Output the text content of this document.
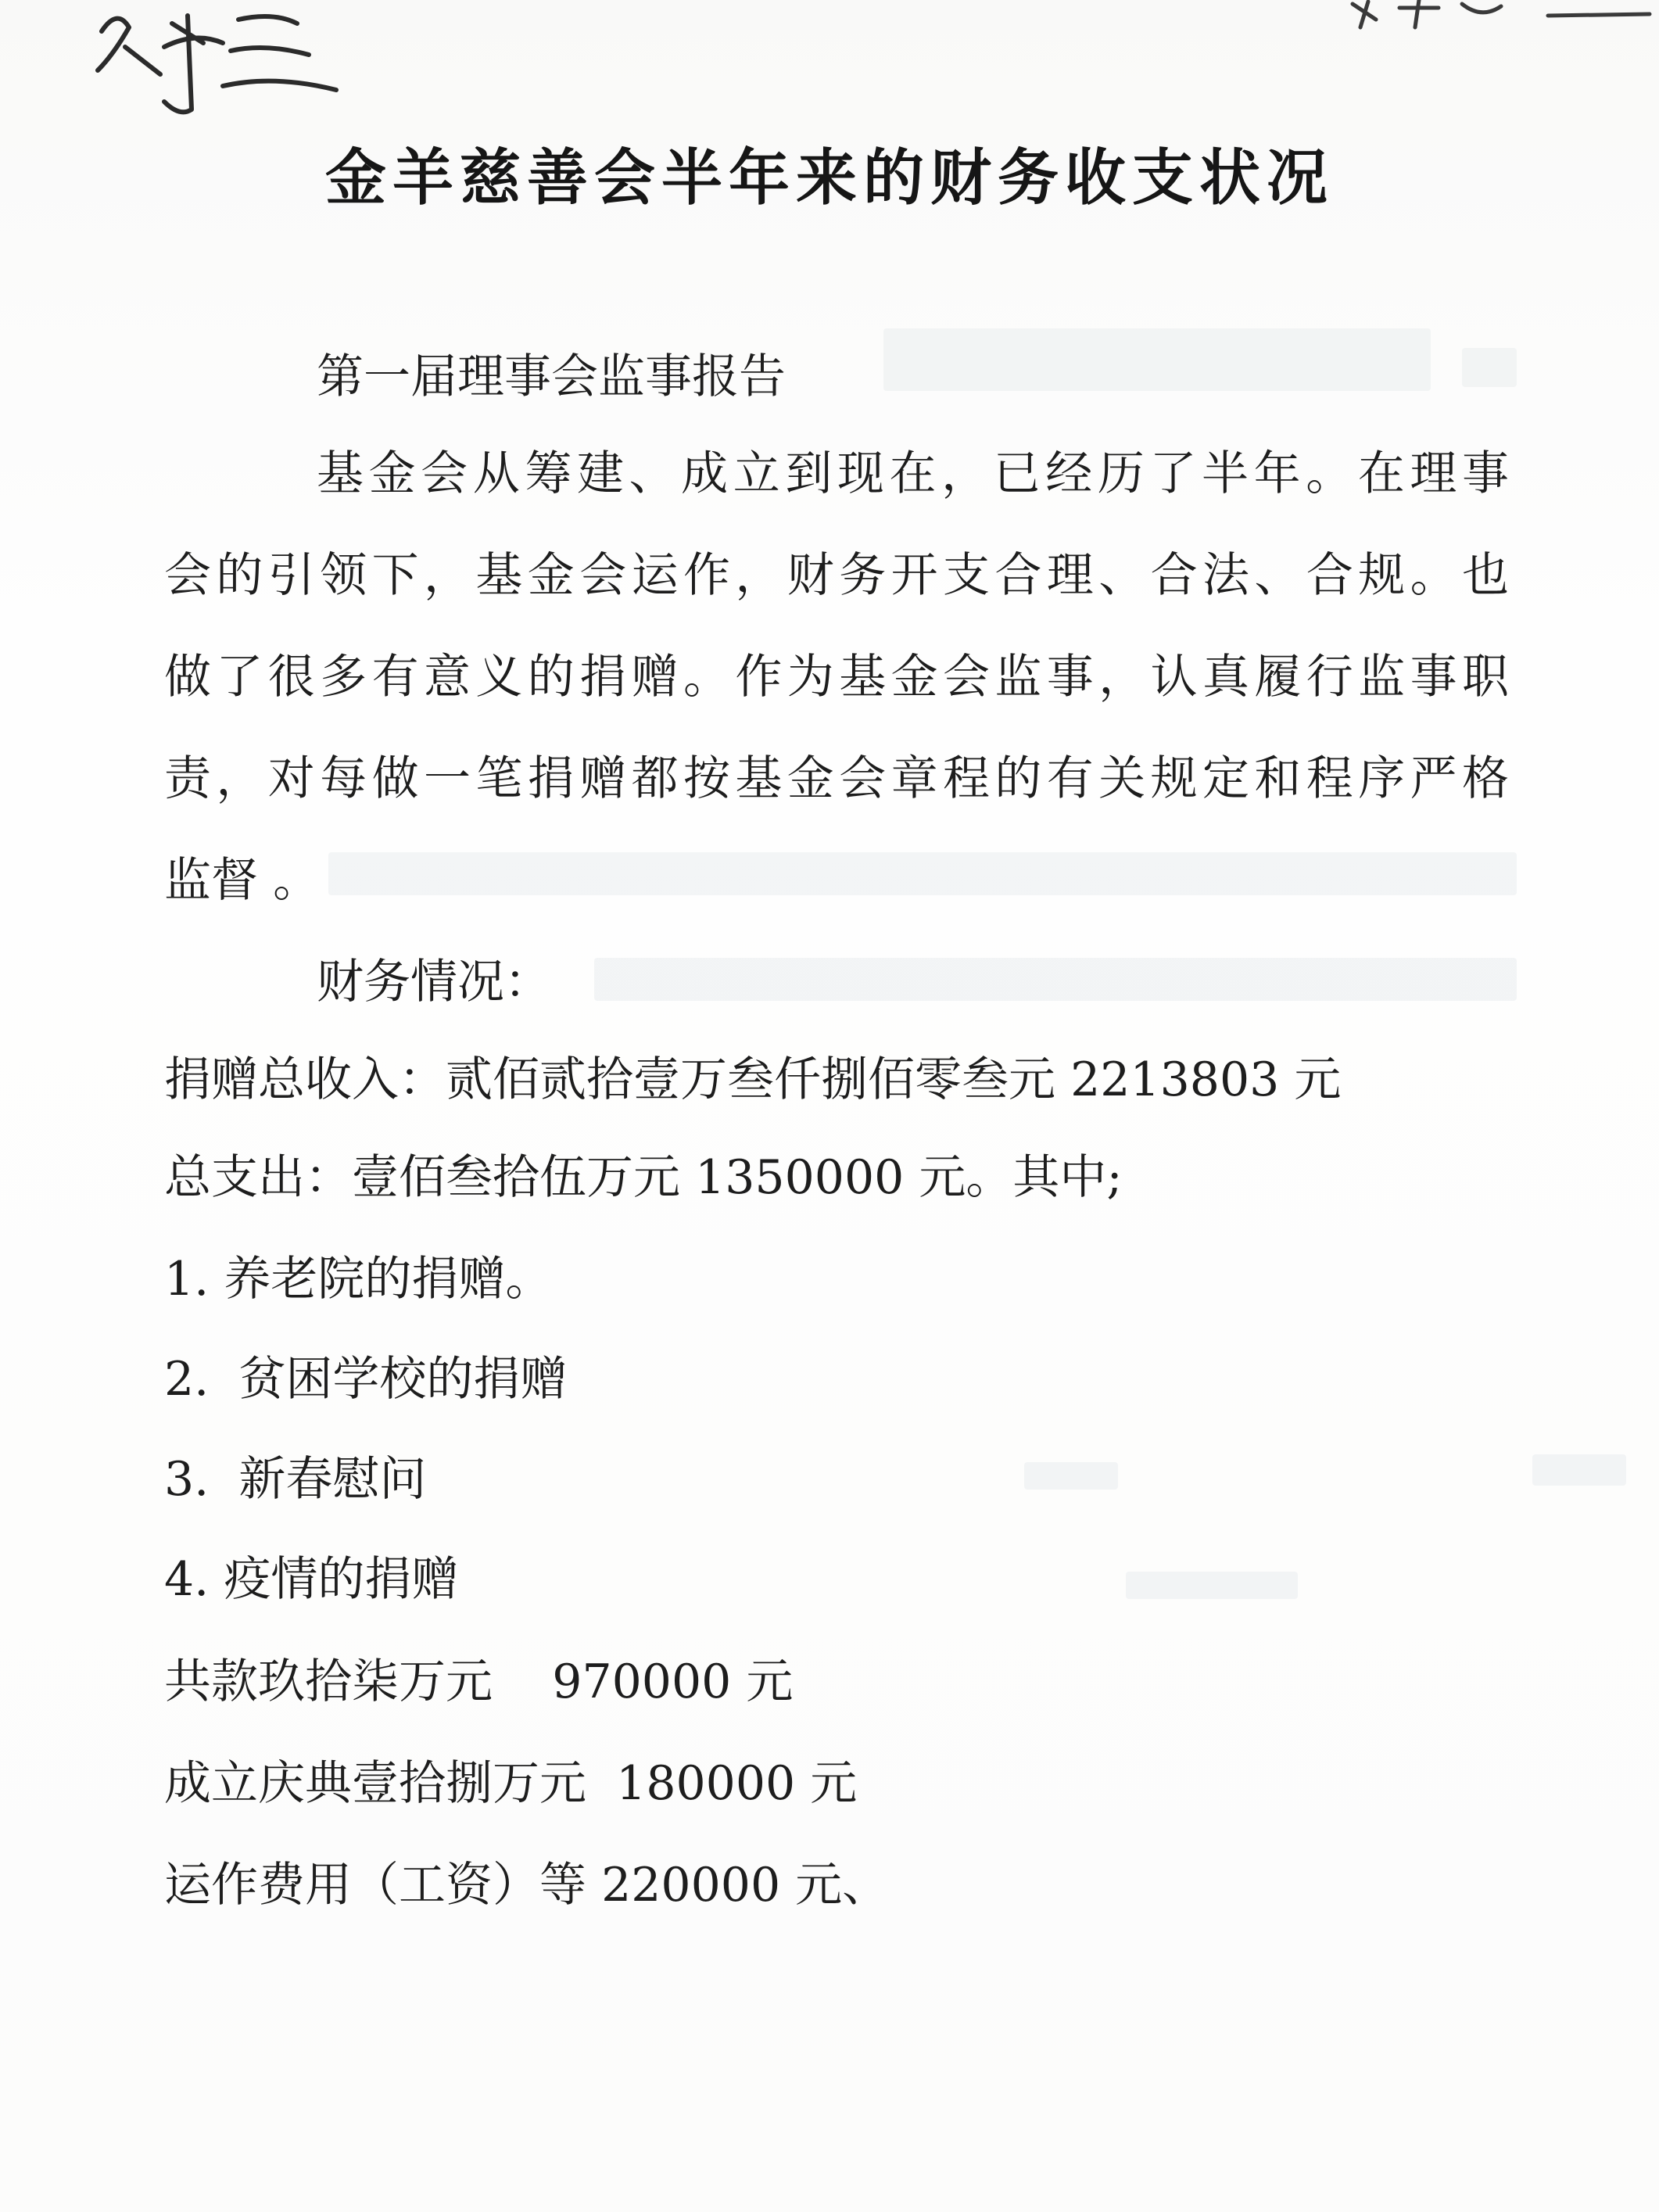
金羊慈善会半年来的财务收支状况

第一届理事会监事报告

基金会从筹建、成立到现在，已经历了半年。在理事

会的引领下，基金会运作，财务开支合理、合法、合规。也

做了很多有意义的捐赠。作为基金会监事，认真履行监事职

责，对每做一笔捐赠都按基金会章程的有关规定和程序严格

监督 。

财务情况：

捐赠总收入：贰佰贰拾壹万叁仟捌佰零叁元 2213803 元

总支出：壹佰叁拾伍万元 1350000 元。其中;

1. 养老院的捐赠。

2.  贫困学校的捐赠

3.  新春慰问

4. 疫情的捐赠

共款玖拾柒万元    970000 元

成立庆典壹拾捌万元  180000 元

运作费用（工资）等 220000 元、
